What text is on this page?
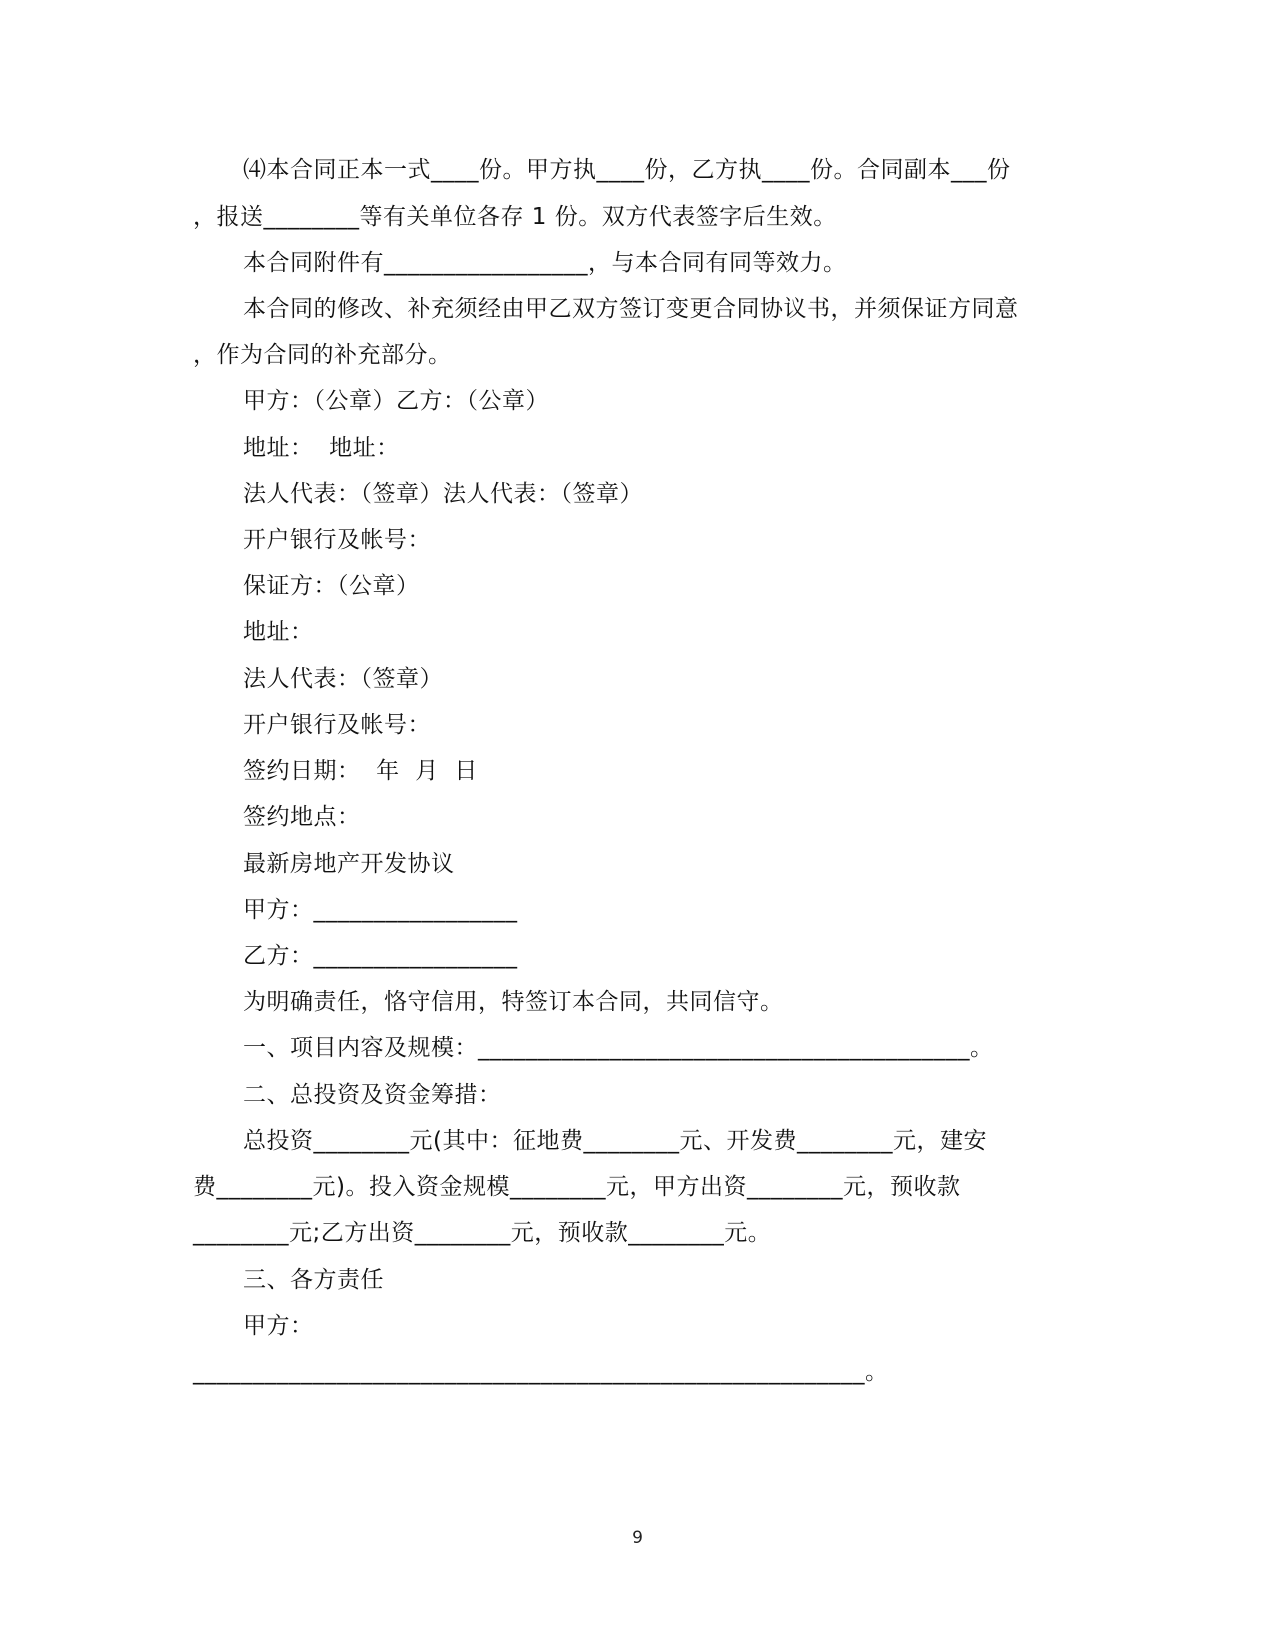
⑷本合同正本一式____份。甲方执____份，乙方执____份。合同副本___份
，报送________等有关单位各存 1 份。双方代表签字后生效。
本合同附件有_________________，与本合同有同等效力。
本合同的修改、补充须经由甲乙双方签订变更合同协议书，并须保证方同意
，作为合同的补充部分。
甲方：（公章）乙方：（公章）
地址：  地址：
法人代表：（签章）法人代表：（签章）
开户银行及帐号：
保证方：（公章）
地址：
法人代表：（签章）
开户银行及帐号：
签约日期：  年  月  日
签约地点：
最新房地产开发协议
甲方：_________________
乙方：_________________
为明确责任，恪守信用，特签订本合同，共同信守。
一、项目内容及规模：_________________________________________。
二、总投资及资金筹措：
总投资________元(其中：征地费________元、开发费________元，建安
费________元)。投入资金规模________元，甲方出资________元，预收款
________元;乙方出资________元，预收款________元。
三、各方责任
甲方：
________________________________________________________。
9
